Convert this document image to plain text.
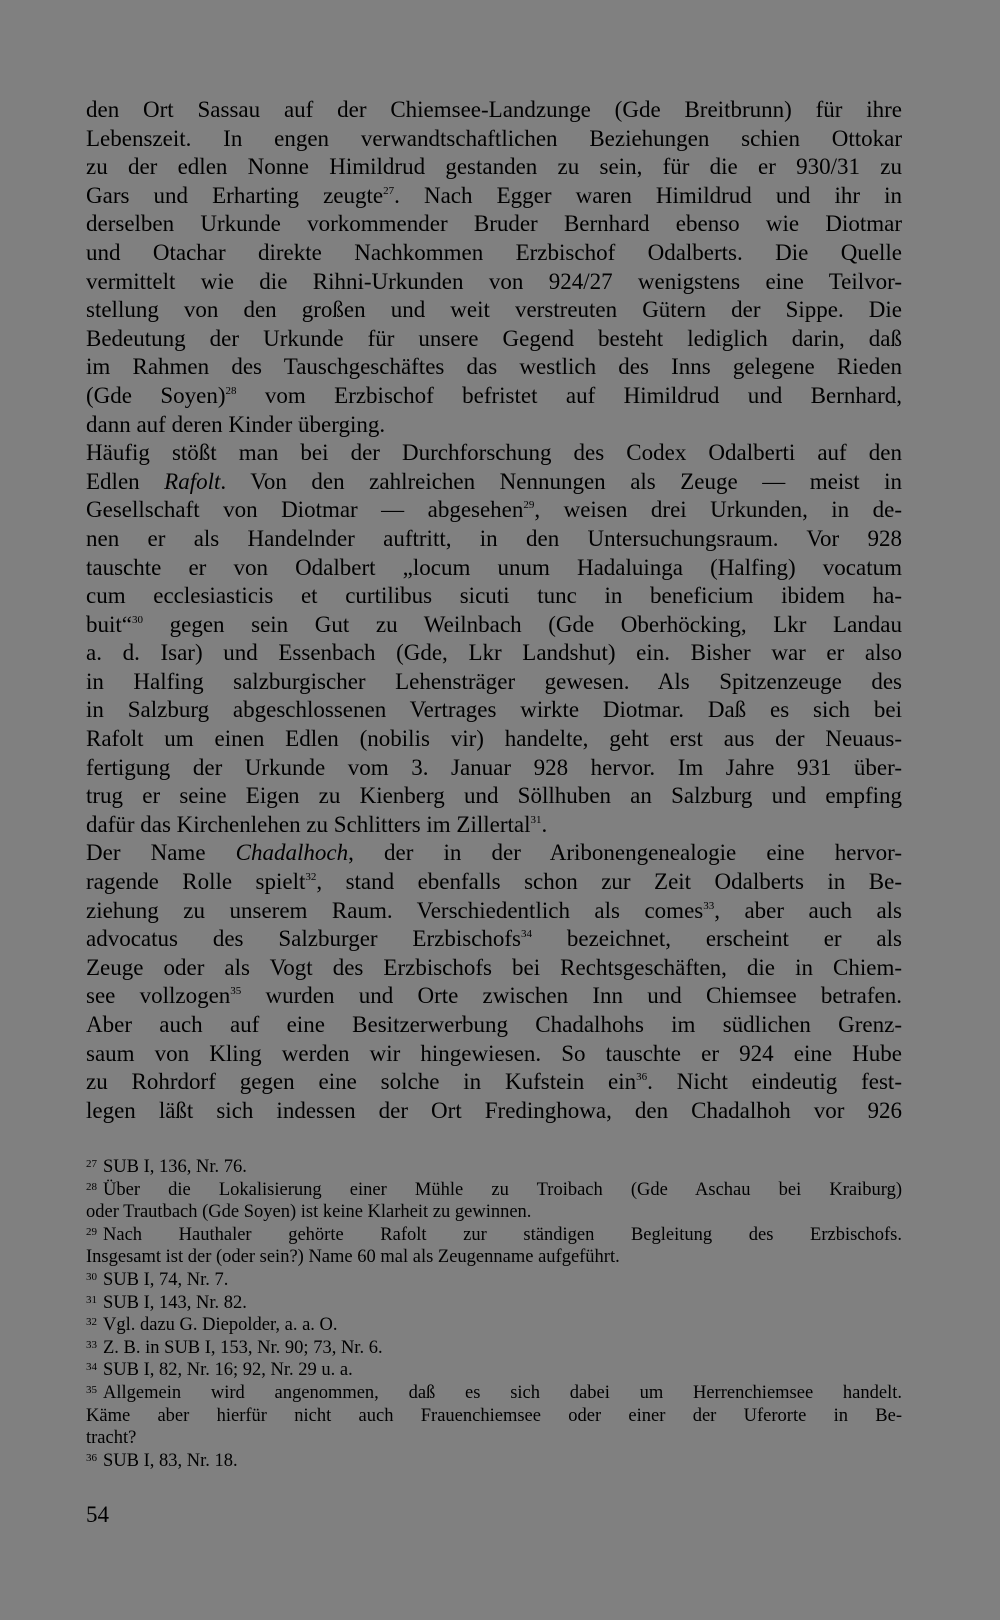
den Ort Sassau auf der Chiemsee-Landzunge (Gde Breitbrunn) für ihre
Lebenszeit. In engen verwandtschaftlichen Beziehungen schien Ottokar
zu der edlen Nonne Himildrud gestanden zu sein, für die er 930/31 zu
Gars und Erharting zeugte$^{27}$. Nach Egger waren Himildrud und ihr in
derselben Urkunde vorkommender Bruder Bernhard ebenso wie Diotmar
und Otachar direkte Nachkommen Erzbischof Odalberts. Die Quelle
vermittelt wie die Rihni-Urkunden von 924/27 wenigstens eine Teilvor-
stellung von den großen und weit verstreuten Gütern der Sippe. Die
Bedeutung der Urkunde für unsere Gegend besteht lediglich darin, daß
im Rahmen des Tauschgeschäftes das westlich des Inns gelegene Rieden
(Gde Soyen)$^{28}$ vom Erzbischof befristet auf Himildrud und Bernhard,
dann auf deren Kinder überging.
Häufig stößt man bei der Durchforschung des Codex Odalberti auf den
Edlen Rafolt. Von den zahlreichen Nennungen als Zeuge — meist in
Gesellschaft von Diotmar — abgesehen$^{29}$, weisen drei Urkunden, in de-
nen er als Handelnder auftritt, in den Untersuchungsraum. Vor 928
tauschte er von Odalbert „locum unum Hadaluinga (Halfing) vocatum
cum ecclesiasticis et curtilibus sicuti tunc in beneficium ibidem ha-
buit“$^{30}$ gegen sein Gut zu Weilnbach (Gde Oberhöcking, Lkr Landau
a. d. Isar) und Essenbach (Gde, Lkr Landshut) ein. Bisher war er also
in Halfing salzburgischer Lehensträger gewesen. Als Spitzenzeuge des
in Salzburg abgeschlossenen Vertrages wirkte Diotmar. Daß es sich bei
Rafolt um einen Edlen (nobilis vir) handelte, geht erst aus der Neuaus-
fertigung der Urkunde vom 3. Januar 928 hervor. Im Jahre 931 über-
trug er seine Eigen zu Kienberg und Söllhuben an Salzburg und empfing
dafür das Kirchenlehen zu Schlitters im Zillertal$^{31}$.
Der Name Chadalhoch, der in der Aribonengenealogie eine hervor-
ragende Rolle spielt$^{32}$, stand ebenfalls schon zur Zeit Odalberts in Be-
ziehung zu unserem Raum. Verschiedentlich als comes$^{33}$, aber auch als
advocatus des Salzburger Erzbischofs$^{34}$ bezeichnet, erscheint er als
Zeuge oder als Vogt des Erzbischofs bei Rechtsgeschäften, die in Chiem-
see vollzogen$^{35}$ wurden und Orte zwischen Inn und Chiemsee betrafen.
Aber auch auf eine Besitzerwerbung Chadalhohs im südlichen Grenz-
saum von Kling werden wir hingewiesen. So tauschte er 924 eine Hube
zu Rohrdorf gegen eine solche in Kufstein ein$^{36}$. Nicht eindeutig fest-
legen läßt sich indessen der Ort Fredinghowa, den Chadalhoh vor 926
$^{27}$ SUB I, 136, Nr. 76.
$^{28}$ Über die Lokalisierung einer Mühle zu Troibach (Gde Aschau bei Kraiburg)
oder Trautbach (Gde Soyen) ist keine Klarheit zu gewinnen.
$^{29}$ Nach Hauthaler gehörte Rafolt zur ständigen Begleitung des Erzbischofs.
Insgesamt ist der (oder sein?) Name 60 mal als Zeugenname aufgeführt.
$^{30}$ SUB I, 74, Nr. 7.
$^{31}$ SUB I, 143, Nr. 82.
$^{32}$ Vgl. dazu G. Diepolder, a. a. O.
$^{33}$ Z. B. in SUB I, 153, Nr. 90; 73, Nr. 6.
$^{34}$ SUB I, 82, Nr. 16; 92, Nr. 29 u. a.
$^{35}$ Allgemein wird angenommen, daß es sich dabei um Herrenchiemsee handelt.
Käme aber hierfür nicht auch Frauenchiemsee oder einer der Uferorte in Be-
tracht?
$^{36}$ SUB I, 83, Nr. 18.
54
